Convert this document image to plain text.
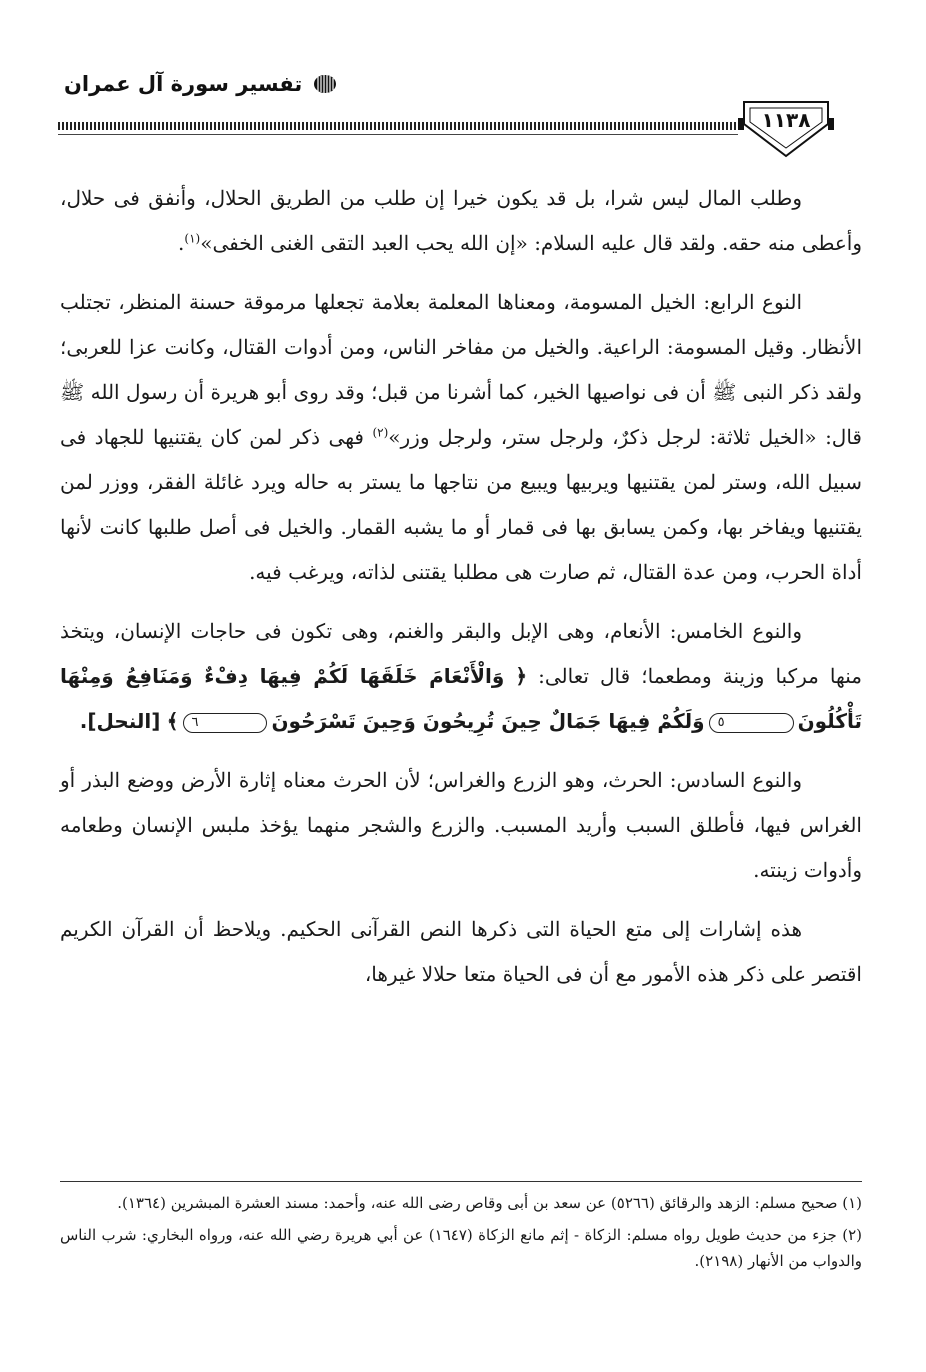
تفسير سورة آل عمران
١١٣٨

وطلب المال ليس شرا، بل قد يكون خيرا إن طلب من الطريق الحلال، وأنفق فى حلال، وأعطى منه حقه. ولقد قال عليه السلام: «إن الله يحب العبد التقى الغنى الخفى»$^{(١)}$.

النوع الرابع: الخيل المسومة، ومعناها المعلمة بعلامة تجعلها مرموقة حسنة المنظر، تجتلب الأنظار. وقيل المسومة: الراعية. والخيل من مفاخر الناس، ومن أدوات القتال، وكانت عزا للعربى؛ ولقد ذكر النبى ﷺ أن فى نواصيها الخير، كما أشرنا من قبل؛ وقد روى أبو هريرة أن رسول الله ﷺ قال: «الخيل ثلاثة: لرجل ذكرٌ، ولرجل ستر، ولرجل وزر»$^{(٢)}$ فهى ذكر لمن كان يقتنيها للجهاد فى سبيل الله، وستر لمن يقتنيها ويربيها ويبيع من نتاجها ما يستر به حاله ويرد غائلة الفقر، ووزر لمن يقتنيها ويفاخر بها، وكمن يسابق بها فى قمار أو ما يشبه القمار. والخيل فى أصل طلبها كانت لأنها أداة الحرب، ومن عدة القتال، ثم صارت هى مطلبا يقتنى لذاته، ويرغب فيه.

والنوع الخامس: الأنعام، وهى الإبل والبقر والغنم، وهى تكون فى حاجات الإنسان، ويتخذ منها مركبا وزينة ومطعما؛ قال تعالى: ﴿ وَالْأَنْعَامَ خَلَقَهَا لَكُمْ فِيهَا دِفْءٌ وَمَنَافِعُ وَمِنْهَا تَأْكُلُونَ٥وَلَكُمْ فِيهَا جَمَالٌ حِينَ تُرِيحُونَ وَحِينَ تَسْرَحُونَ٦﴾ [النحل].

والنوع السادس: الحرث، وهو الزرع والغراس؛ لأن الحرث معناه إثارة الأرض ووضع البذر أو الغراس فيها، فأطلق السبب وأريد المسبب. والزرع والشجر منهما يؤخذ ملبس الإنسان وطعامه وأدوات زينته.

هذه إشارات إلى متع الحياة التى ذكرها النص القرآنى الحكيم. ويلاحظ أن القرآن الكريم اقتصر على ذكر هذه الأمور مع أن فى الحياة متعا حلالا غيرها،

(١) صحيح مسلم: الزهد والرقائق (٥٢٦٦) عن سعد بن أبى وقاص رضى الله عنه، وأحمد: مسند العشرة المبشرين (١٣٦٤).

(٢) جزء من حديث طويل رواه مسلم: الزكاة - إثم مانع الزكاة (١٦٤٧) عن أبي هريرة رضي الله عنه، ورواه البخاري: شرب الناس والدواب من الأنهار (٢١٩٨).
